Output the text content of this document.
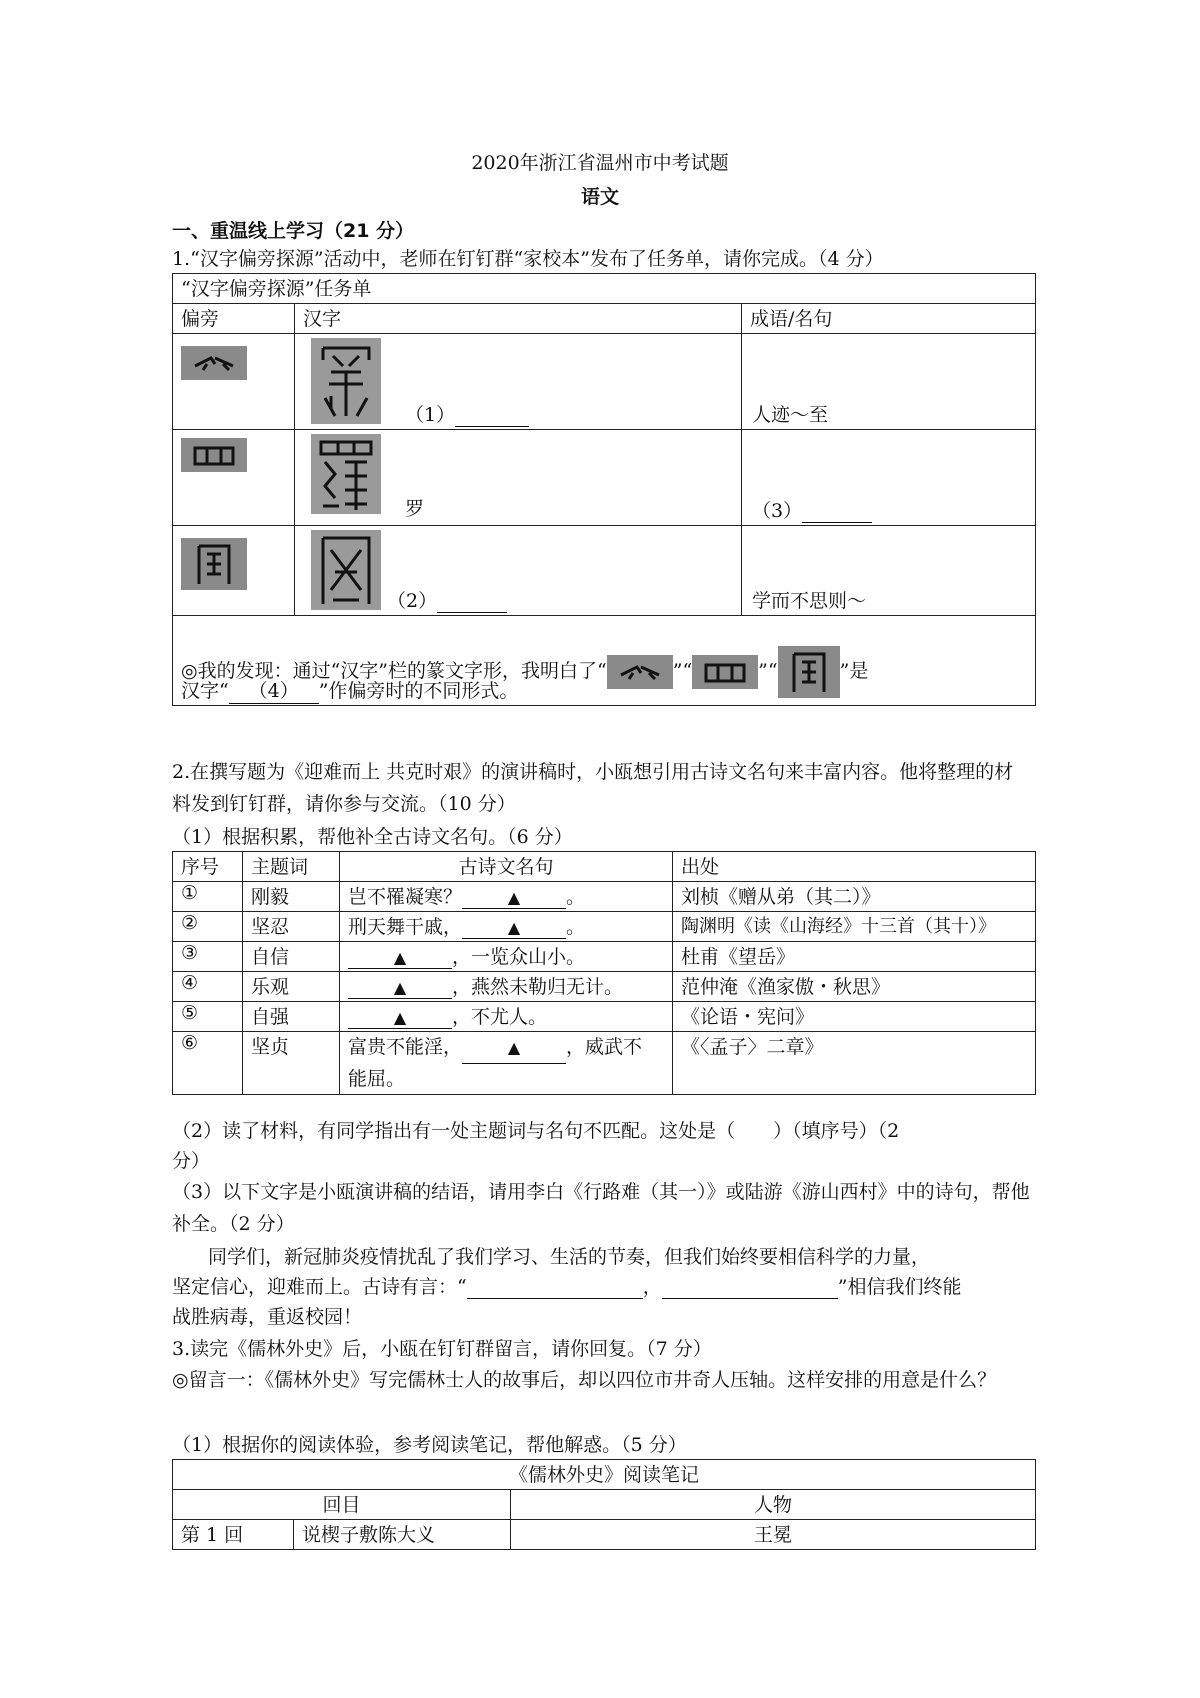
2020年浙江省温州市中考试题
语文
一、重温线上学习（21 分）
1.“汉字偏旁探源”活动中，老师在钉钉群“家校本”发布了任务单，请你完成。（4 分）
“汉字偏旁探源”任务单		
偏旁	汉字	成语/名句

（1）	人迹～至

罗	（3）

（2）	学而不思则～

◎我的发现：通过“汉字”栏的篆文字形，我明白了“ ”“ ”“ ”是
汉字“ （4） ”作偏旁时的不同形式。		
2.在撰写题为《迎难而上 共克时艰》的演讲稿时，小瓯想引用古诗文名句来丰富内容。他将整理的材料发到钉钉群，请你参与交流。（10 分）
（1）根据积累，帮他补全古诗文名句。（6 分）
序号	主题词	古诗文名句	出处
①	刚毅	岂不罹凝寒？ ▲ 。	刘桢《赠从弟（其二）》
②	坚忍	刑天舞干戚， ▲ 。	陶渊明《读《山海经》十三首（其十）》
③	自信	▲ ，一览众山小。	杜甫《望岳》
④	乐观	▲ ，燕然未勒归无计。	范仲淹《渔家傲・秋思》
⑤	自强	▲ ，不尤人。	《论语・宪问》
⑥	坚贞	富贵不能淫， ▲ ，威武不
能屈。	《〈孟子〉二章》
（2）读了材料，有同学指出有一处主题词与名句不匹配。这处是（　　）（填序号）（2
分）
（3）以下文字是小瓯演讲稿的结语，请用李白《行路难（其一）》或陆游《游山西村》中的诗句，帮他补全。（2 分）
同学们，新冠肺炎疫情扰乱了我们学习、生活的节奏，但我们始终要相信科学的力量，
坚定信心，迎难而上。古诗有言：“	，	”相信我们终能
战胜病毒，重返校园！
3.读完《儒林外史》后，小瓯在钉钉群留言，请你回复。（7 分）
◎留言一：《儒林外史》写完儒林士人的故事后，却以四位市井奇人压轴。这样安排的用意是什么？
（1）根据你的阅读体验，参考阅读笔记，帮他解惑。（5 分）
《儒林外史》阅读笔记		
回目		人物
第 1 回	说楔子敷陈大义	王冕
